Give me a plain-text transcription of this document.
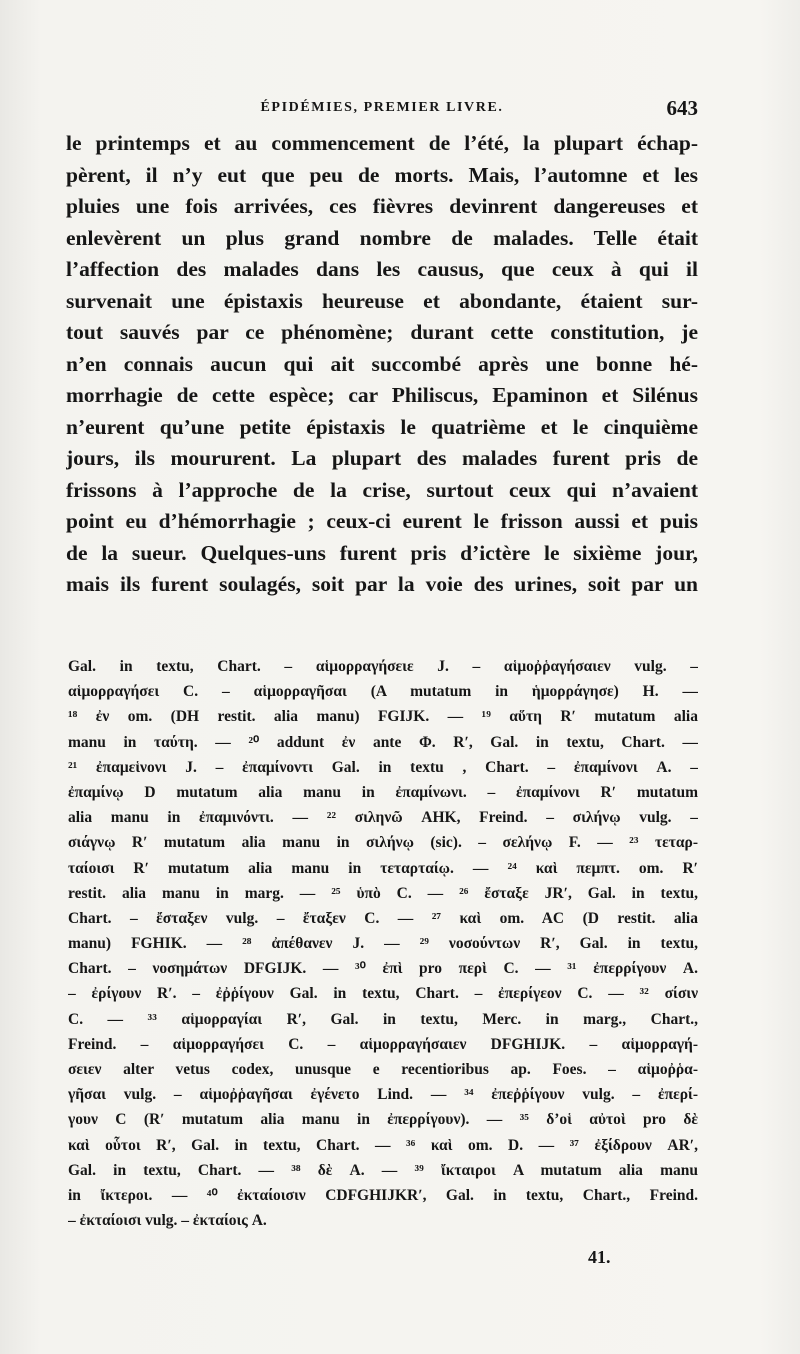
ÉPIDÉMIES, PREMIER LIVRE.	643
le printemps et au commencement de l’été, la plupart échap-
pèrent, il n’y eut que peu de morts. Mais, l’automne et les
pluies une fois arrivées, ces fièvres devinrent dangereuses et
enlevèrent un plus grand nombre de malades. Telle était
l’affection des malades dans les causus, que ceux à qui il
survenait une épistaxis heureuse et abondante, étaient sur-
tout sauvés par ce phénomène; durant cette constitution, je
n’en connais aucun qui ait succombé après une bonne hé-
morrhagie de cette espèce; car Philiscus, Epaminon et Silénus
n’eurent qu’une petite épistaxis le quatrième et le cinquième
jours, ils moururent. La plupart des malades furent pris de
frissons à l’approche de la crise, surtout ceux qui n’avaient
point eu d’hémorrhagie ; ceux-ci eurent le frisson aussi et puis
de la sueur. Quelques-uns furent pris d’ictère le sixième jour,
mais ils furent soulagés, soit par la voie des urines, soit par un
Gal. in textu, Chart. – αἱμορραγήσειε J. – αἱμοῤῥαγήσαιεν vulg. –
αἱμορραγήσει C. – αἱμορραγῆσαι (A mutatum in ἡμορράγησε) H. —
¹⁸ ἐν om. (DH restit. alia manu) FGIJK. — ¹⁹ αὕτη Rʹ mutatum alia
manu in ταύτη. — ²⁰ addunt ἐν ante Φ. Rʹ, Gal. in textu, Chart. —
²¹ ἐπαμεἱνονι J. – ἐπαμίνοντι Gal. in textu , Chart. – ἐπαμίνονι A. –
ἐπαμίνῳ D mutatum alia manu in ἐπαμίνωνι. – ἐπαμίνονι Rʹ mutatum
alia manu in ἐπαμινόντι. — ²² σιληνῶ AHK, Freind. – σιλήνῳ vulg. –
σιάγνῳ Rʹ mutatum alia manu in σιλήνῳ (sic). – σελήνῳ F. — ²³ τεταρ-
ταίοισι Rʹ mutatum alia manu in τεταρταίῳ. — ²⁴ καὶ πεμπτ. om. Rʹ
restit. alia manu in marg. — ²⁵ ὑπὸ C. — ²⁶ ἔσταξε JRʹ, Gal. in textu,
Chart. – ἔσταξεν vulg. – ἔταξεν C. — ²⁷ καὶ om. AC (D restit. alia
manu) FGHIK. — ²⁸ ἀπέθανεν J. — ²⁹ νοσούντων Rʹ, Gal. in textu,
Chart. – νοσημάτων DFGIJK. — ³⁰ ἐπὶ pro περὶ C. — ³¹ ἐπερρίγουν A.
– ἐρίγουν Rʹ. – ἐῤῥίγουν Gal. in textu, Chart. – ἐπερίγεον C. — ³² σίσιν
C. — ³³ αἱμορραγίαι Rʹ, Gal. in textu, Merc. in marg., Chart.,
Freind. – αἱμορραγήσει C. – αἱμορραγήσαιεν DFGHIJK. – αἱμορραγή-
σειεν alter vetus codex, unusque e recentioribus ap. Foes. – αἱμοῤῥα-
γῆσαι vulg. – αἱμοῤῥαγῆσαι ἐγένετο Lind. — ³⁴ ἐπεῤῥίγουν vulg. – ἐπερί-
γουν C (Rʹ mutatum alia manu in ἐπερρίγουν). — ³⁵ δ’οἱ αὐτοὶ pro δὲ
καὶ οὗτοι Rʹ, Gal. in textu, Chart. — ³⁶ καὶ om. D. — ³⁷ ἐξίδρουν ARʹ,
Gal. in textu, Chart. — ³⁸ δὲ A. — ³⁹ ἴκταιροι A mutatum alia manu
in ἴκτεροι. — ⁴⁰ ἐκταίοισιν CDFGHIJKRʹ, Gal. in textu, Chart., Freind.
– ἐκταίοισι vulg. – ἐκταίοις A.
41.
